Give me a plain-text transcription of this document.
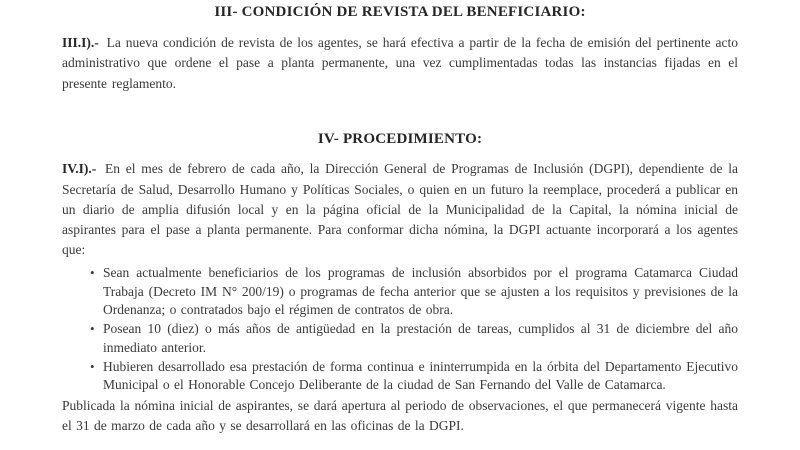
III- CONDICIÓN DE REVISTA DEL BENEFICIARIO:

III.I).- La nueva condición de revista de los agentes, se hará efectiva a partir de la fecha de emisión del pertinente acto administrativo que ordene el pase a planta permanente, una vez cumplimentadas todas las instancias fijadas en el presente reglamento.

IV- PROCEDIMIENTO:

IV.I).- En el mes de febrero de cada año, la Dirección General de Programas de Inclusión (DGPI), dependiente de la Secretaría de Salud, Desarrollo Humano y Políticas Sociales, o quien en un futuro la reemplace, procederá a publicar en un diario de amplia difusión local y en la página oficial de la Municipalidad de la Capital, la nómina inicial de aspirantes para el pase a planta permanente. Para conformar dicha nómina, la DGPI actuante incorporará a los agentes que:

• Sean actualmente beneficiarios de los programas de inclusión absorbidos por el programa Catamarca Ciudad Trabaja (Decreto IM N° 200/19) o programas de fecha anterior que se ajusten a los requisitos y previsiones de la Ordenanza; o contratados bajo el régimen de contratos de obra.
• Posean 10 (diez) o más años de antigüedad en la prestación de tareas, cumplidos al 31 de diciembre del año inmediato anterior.
• Hubieren desarrollado esa prestación de forma continua e ininterrumpida en la órbita del Departamento Ejecutivo Municipal o el Honorable Concejo Deliberante de la ciudad de San Fernando del Valle de Catamarca.

Publicada la nómina inicial de aspirantes, se dará apertura al periodo de observaciones, el que permanecerá vigente hasta el 31 de marzo de cada año y se desarrollará en las oficinas de la DGPI.
